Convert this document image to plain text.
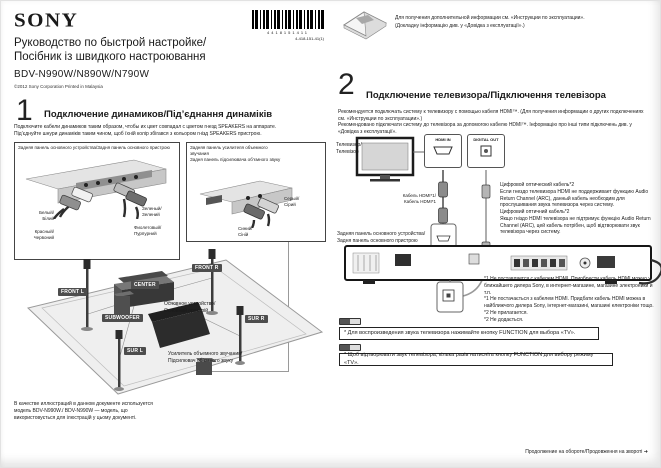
SONY
4418151411
4-418-151-41(1)
Для получения дополнительной информации см. «Инструкции по эксплуатации».
(Докладну інформацію див. у «Довідка з експлуатації».)
Руководство по быстрой настройке/
Посібник із швидкого настроювання
BDV-N990W/N890W/N790W
©2012 Sony Corporation Printed in Malaysia
1 Подключение динамиков/Під’єднання динаміків
Подключите кабели динамиков таким образом, чтобы их цвет совпадал с цветом гнезд SPEAKERS на аппарате.
Під’єднуйте шнури динаміків таким чином, щоб їхній колір збігався з кольором гнізд SPEAKERS пристрою.
Задняя панель основного устройства/Задня панель основного пристрою
Белый/
Білий
Красный/
Червоний
Зеленый/
Зелений
Фиолетовый/
Пурпурний
Задняя панель усилителя объемного
звучания
Задня панель підсилювача об’ємного звуку
Серый/
Сірий
Синий/
Сіній
FRONT L
CENTER
FRONT R
SUBWOOFER
SUR L
SUR R
Основное устройство/
Основний пристрій
Усилитель объемного звучания/
Підсилювач об’ємного звуку
В качестве иллюстраций в данном документе используется
модель BDV-N990W./ BDV-N990W — модель, що
використовується для ілюстрацій у цьому документі.
2 Подключение телевизора/Підключення телевізора
Рекомендуется подключать систему к телевизору с помощью кабеля HDMI™. (Для получения информации о других подключениях см. «Инструкции по эксплуатации».)
Рекомендовано підключати систему до телевізора за допомогою кабелю HDMI™. Інформацію про інші типи підключень див. у «Довідка з експлуатації».
HDMI IN	DIGITAL OUT
Телевизор/
Телевізор
Кабель HDMI*1/
Кабель HDMI*1
Цифровой оптический кабель*2
Если гнездо телевизора HDMI не поддерживает функцию Audio Return Channel (ARC), данный кабель необходим для прослушивания звука телевизора через систему.
Цифровий оптичний кабель*2
Якщо гніздо HDMI телевізора не підтримує функцію Audio Return Channel (ARC), цей кабель потрібен, щоб відтворювати звук телевізора через систему.
Задняя панель основного устройства/
Задня панель основного пристрою
*1 Не поставляется с кабелем HDMI. Приобрести кабель HDMI можно у ближайшего дилера Sony, в интернет-магазине, магазине электроники и т.п.
*1 Не постачається з кабелем HDMI. Придбати кабель HDMI можна в найближчого дилера Sony, інтернет-магазині, магазині електроніки тощо.
*2 Не прилагается.
*2 Не додається.
* Для воспроизведения звука телевизора нажимайте кнопку FUNCTION для выбора «TV».
* Щоб відтворювати звук телевізора, кілька разів натисніть кнопку FUNCTION для вибору режиму «TV».
Продолжение на обороте/Продовження на звороті ➜
